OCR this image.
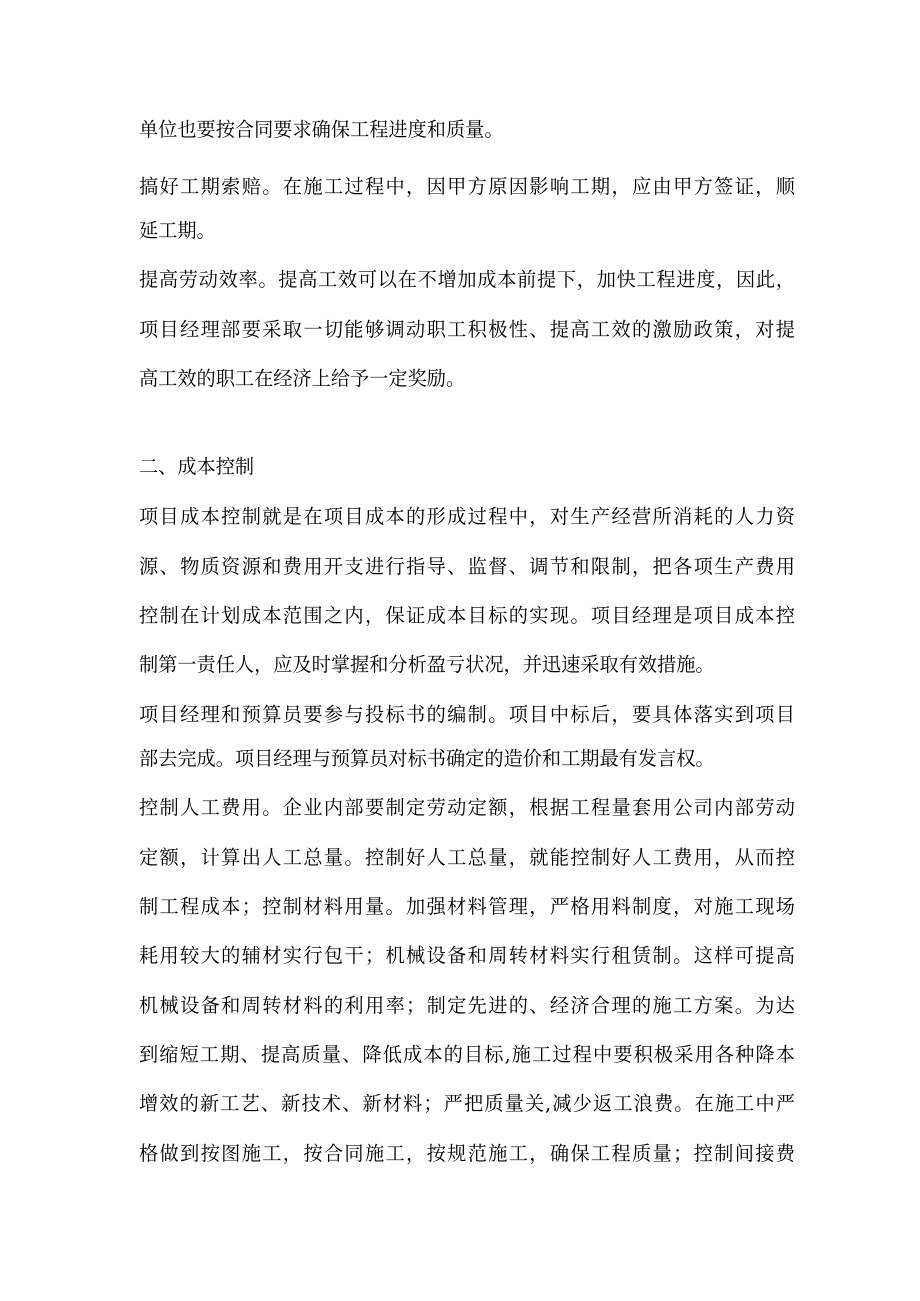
单位也要按合同要求确保工程进度和质量。
搞好工期索赔。在施工过程中，因甲方原因影响工期，应由甲方签证，顺
延工期。
提高劳动效率。提高工效可以在不增加成本前提下，加快工程进度，因此，
项目经理部要采取一切能够调动职工积极性、提高工效的激励政策，对提
高工效的职工在经济上给予一定奖励。
二、成本控制
项目成本控制就是在项目成本的形成过程中，对生产经营所消耗的人力资
源、物质资源和费用开支进行指导、监督、调节和限制，把各项生产费用
控制在计划成本范围之内，保证成本目标的实现。项目经理是项目成本控
制第一责任人，应及时掌握和分析盈亏状况，并迅速采取有效措施。
项目经理和预算员要参与投标书的编制。项目中标后，要具体落实到项目
部去完成。项目经理与预算员对标书确定的造价和工期最有发言权。
控制人工费用。企业内部要制定劳动定额，根据工程量套用公司内部劳动
定额，计算出人工总量。控制好人工总量，就能控制好人工费用，从而控
制工程成本；控制材料用量。加强材料管理，严格用料制度，对施工现场
耗用较大的辅材实行包干；机械设备和周转材料实行租赁制。这样可提高
机械设备和周转材料的利用率；制定先进的、经济合理的施工方案。为达
到缩短工期、提高质量、降低成本的目标,施工过程中要积极采用各种降本
增效的新工艺、新技术、新材料；严把质量关,减少返工浪费。在施工中严
格做到按图施工，按合同施工，按规范施工，确保工程质量；控制间接费
